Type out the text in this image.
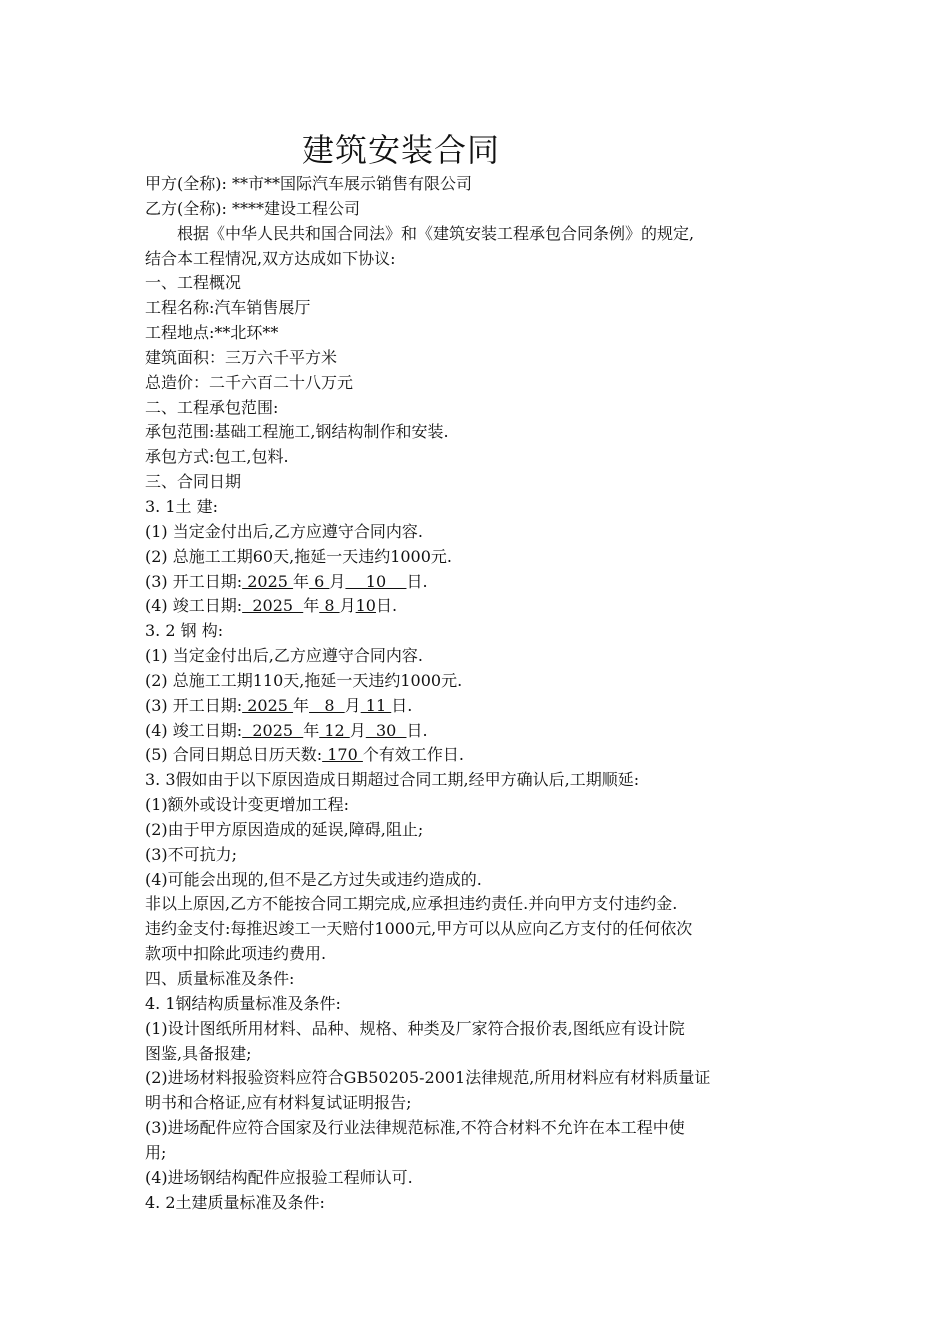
建筑安装合同
甲方(全称): **市**国际汽车展示销售有限公司
乙方(全称): ****建设工程公司
根据《中华人民共和国合同法》和《建筑安装工程承包合同条例》的规定,
结合本工程情况,双方达成如下协议:
一、工程概况
工程名称:汽车销售展厅
工程地点:**北环**
建筑面积：三万六千平方米
总造价：二千六百二十八万元
二、工程承包范围:
承包范围:基础工程施工,钢结构制作和安装.
承包方式:包工,包料.
三、合同日期
3. 1土 建:
(1) 当定金付出后,乙方应遵守合同内容.
(2) 总施工工期60天,拖延一天违约1000元.
(3) 开工日期: 2025 年 6 月    10    日.
(4) 竣工日期:  2025  年 8 月10日.
3. 2 钢 构:
(1) 当定金付出后,乙方应遵守合同内容.
(2) 总施工工期110天,拖延一天违约1000元.
(3) 开工日期: 2025 年   8  月 11 日.
(4) 竣工日期:  2025  年 12 月  30  日.
(5) 合同日期总日历天数: 170 个有效工作日.
3. 3假如由于以下原因造成日期超过合同工期,经甲方确认后,工期顺延:
(1)额外或设计变更增加工程:
(2)由于甲方原因造成的延误,障碍,阻止;
(3)不可抗力;
(4)可能会出现的,但不是乙方过失或违约造成的.
非以上原因,乙方不能按合同工期完成,应承担违约责任.并向甲方支付违约金.
违约金支付:每推迟竣工一天赔付1000元,甲方可以从应向乙方支付的任何依次
款项中扣除此项违约费用.
四、质量标准及条件:
4. 1钢结构质量标准及条件:
(1)设计图纸所用材料、品种、规格、种类及厂家符合报价表,图纸应有设计院
图鉴,具备报建;
(2)进场材料报验资料应符合GB50205-2001法律规范,所用材料应有材料质量证
明书和合格证,应有材料复试证明报告;
(3)进场配件应符合国家及行业法律规范标准,不符合材料不允许在本工程中使
用;
(4)进场钢结构配件应报验工程师认可.
4. 2土建质量标准及条件:
